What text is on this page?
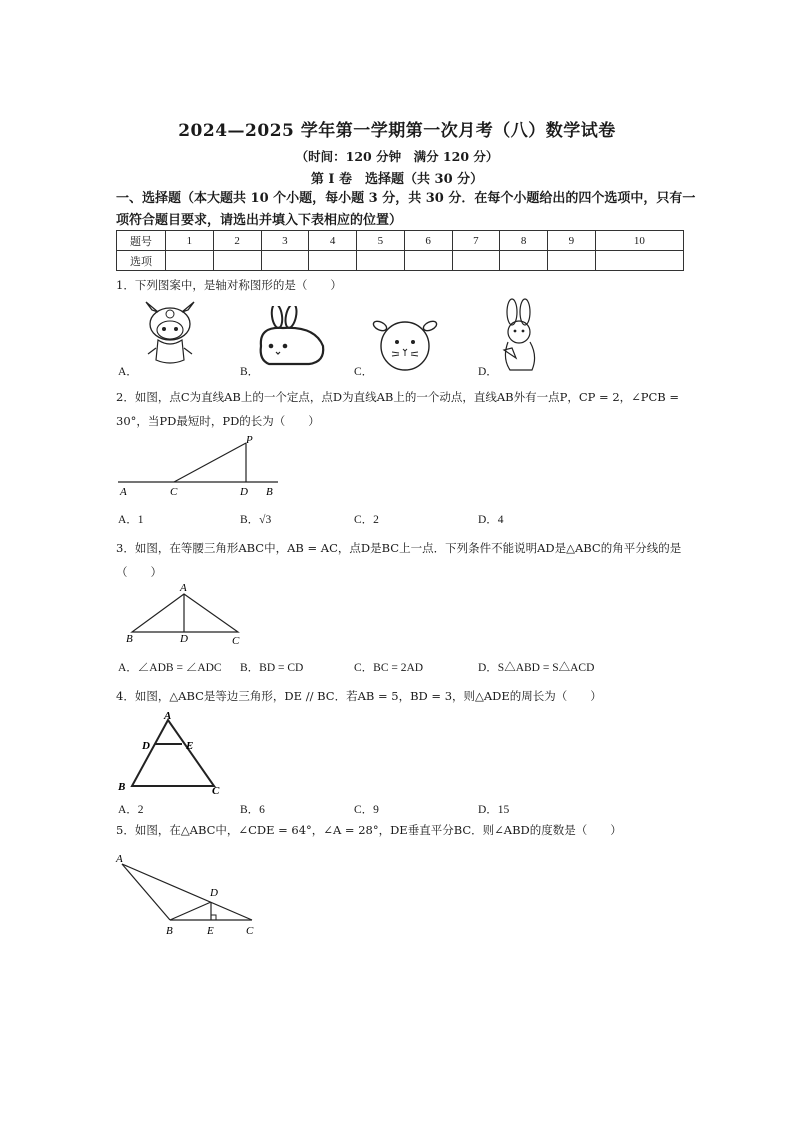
2024—2025 学年第一学期第一次月考（八）数学试卷
（时间：120 分钟　满分 120 分）
第 I 卷　选择题（共 30 分）
一、选择题（本大题共 10 个小题，每小题 3 分，共 30 分．在每个小题给出的四个选项中，只有一项符合题目要求，请选出并填入下表相应的位置）
题号	1	2	3	4	5	6	7	8	9	10
选项										
1．下列图案中，是轴对称图形的是（　　）
A．	B．	C．	D．
2．如图，点C为直线AB上的一个定点，点D为直线AB上的一个动点，直线AB外有一点P，CP = 2，∠PCB = 30°，当PD最短时，PD的长为（　　）
A	C	D B
P
A．1	B．√3	C．2	D．4
3．如图，在等腰三角形ABC中，AB = AC，点D是BC上一点．下列条件不能说明AD是△ABC的角平分线的是（　　）
A
B	D	C
A．∠ADB = ∠ADC B．BD = CD	C．BC = 2AD	D．S△ABD = S△ACD
4．如图，△ABC是等边三角形，DE // BC．若AB = 5，BD = 3，则△ADE的周长为（　　）
A
D	E
B	C
A．2	B．6	C．9	D．15
5．如图，在△ABC中，∠CDE = 64°，∠A = 28°，DE垂直平分BC．则∠ABD的度数是（　　）
A
D
B	E	C
